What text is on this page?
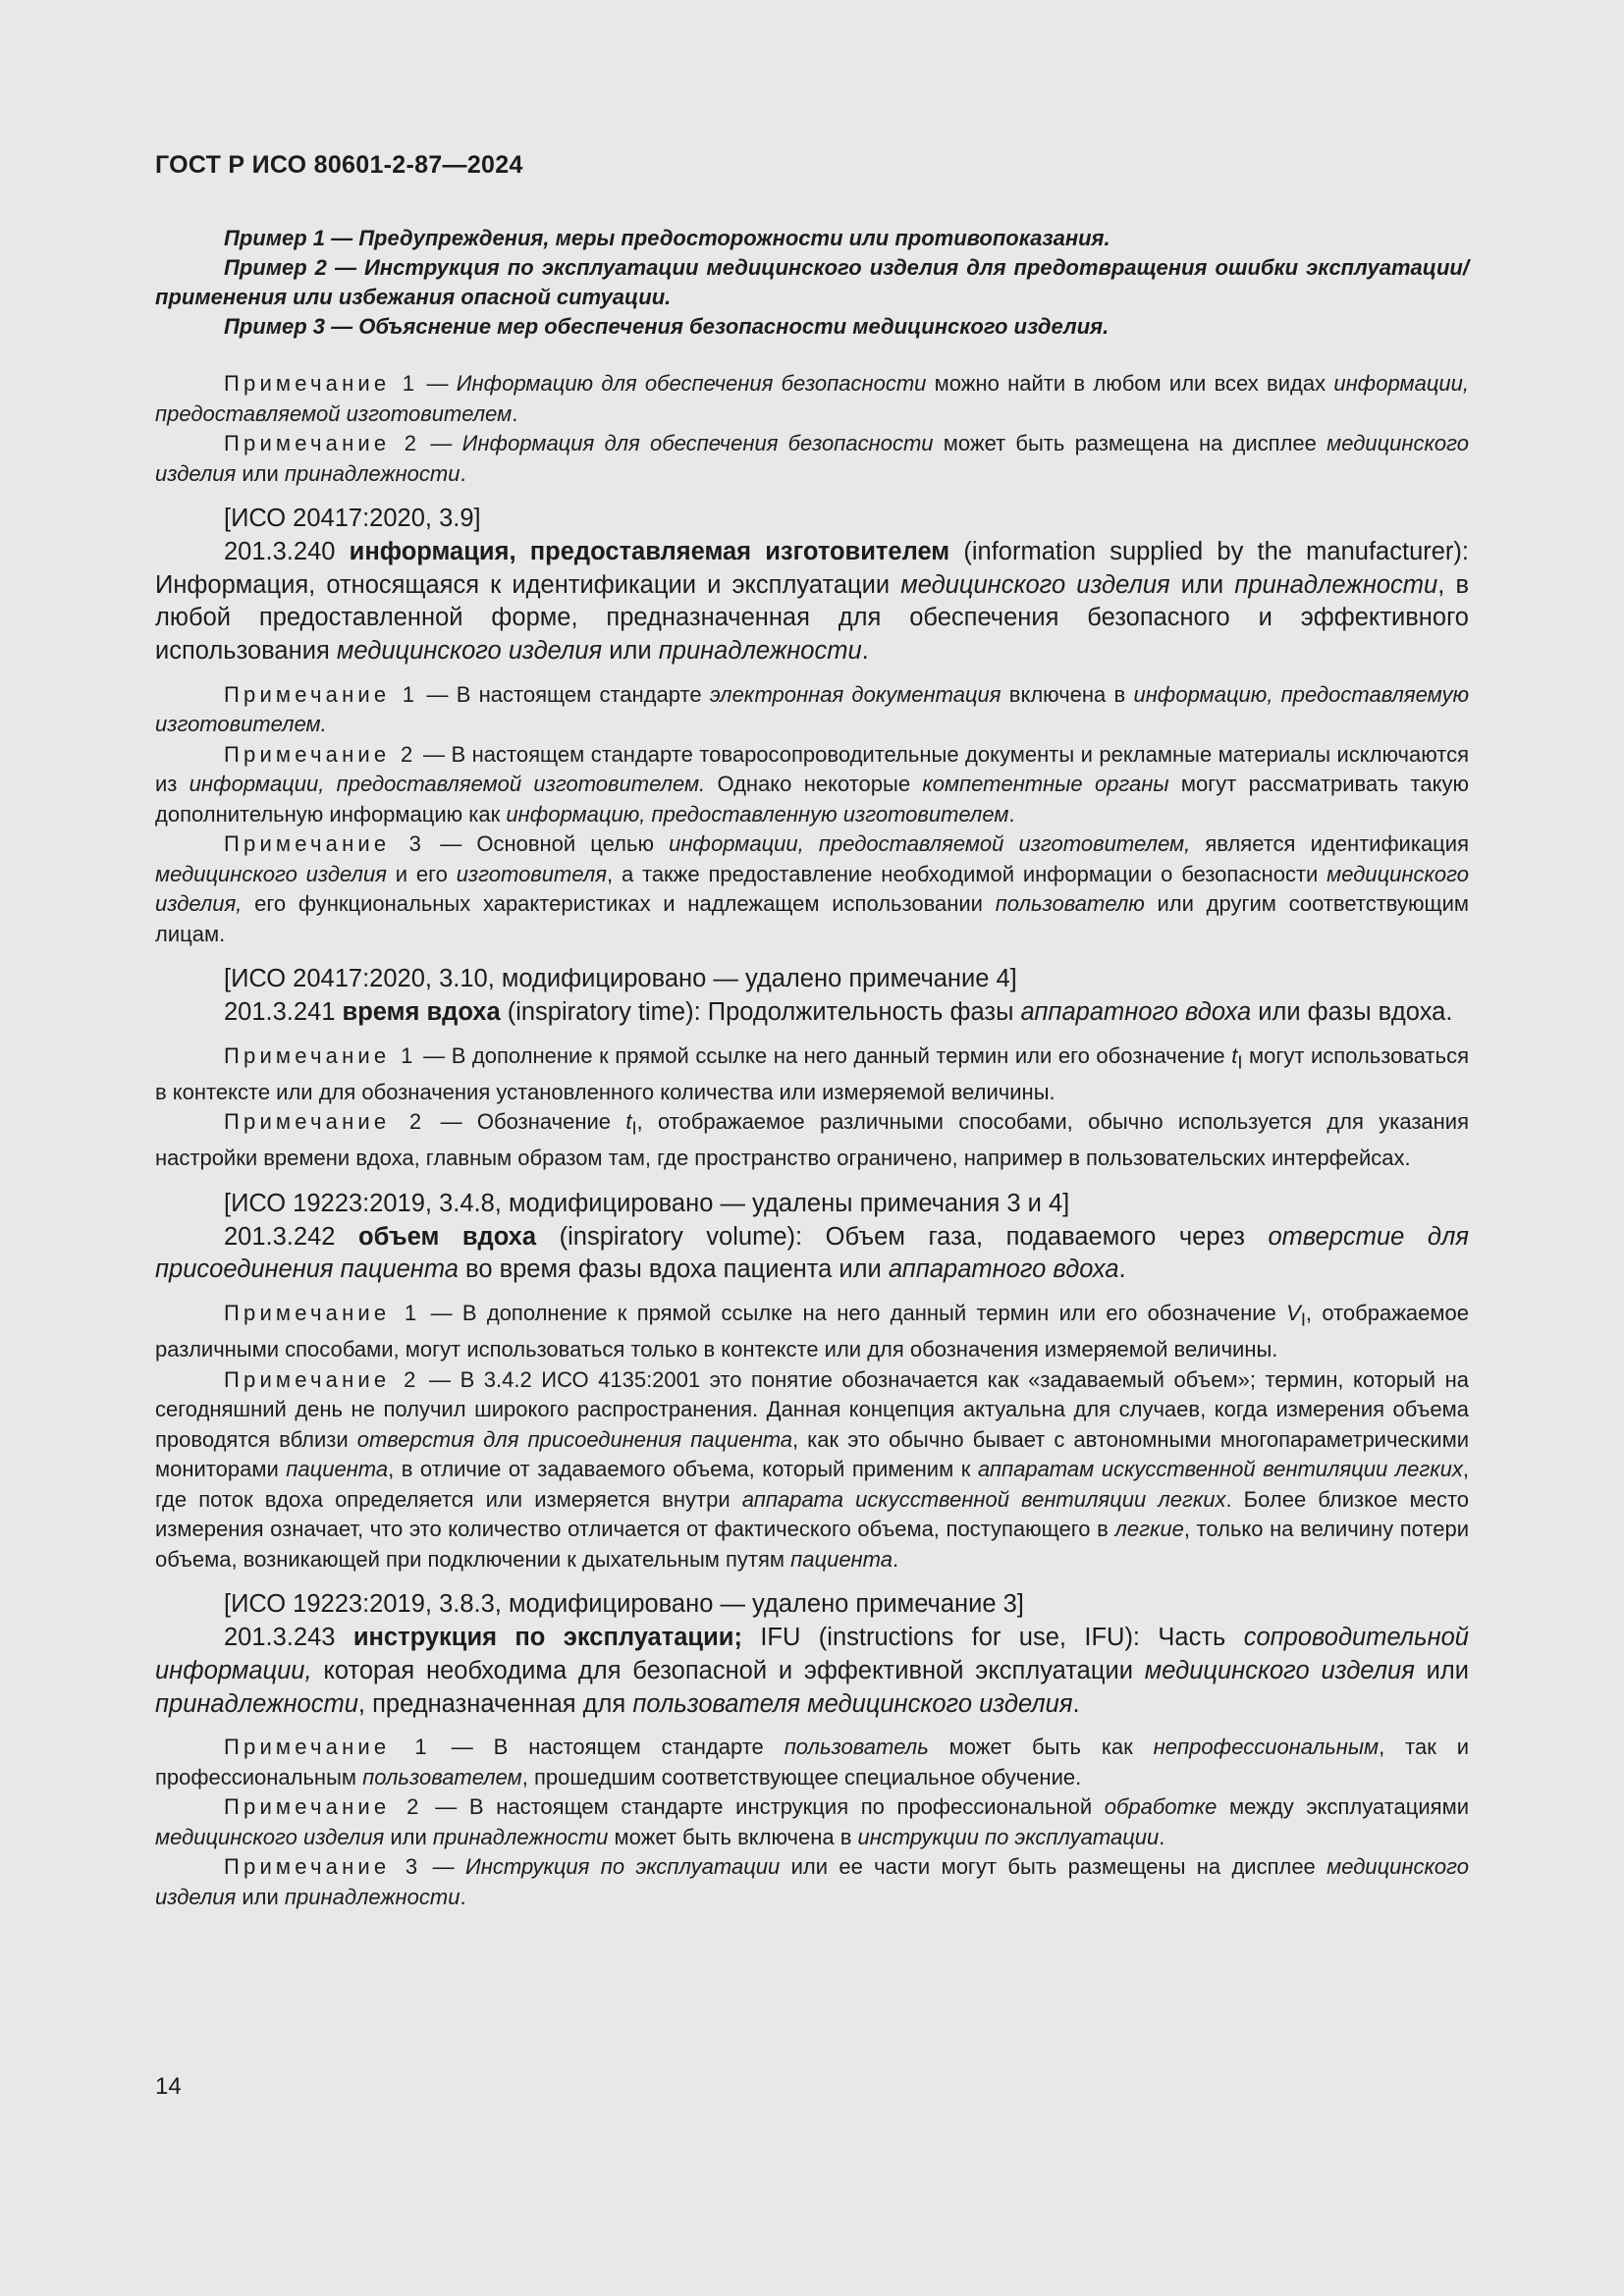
ГОСТ Р ИСО 80601-2-87—2024

Пример 1 — Предупреждения, меры предосторожности или противопоказания.

Пример 2 — Инструкция по эксплуатации медицинского изделия для предотвращения ошибки эксплуатации/применения или избежания опасной ситуации.

Пример 3 — Объяснение мер обеспечения безопасности медицинского изделия.

Примечание 1 — Информацию для обеспечения безопасности можно найти в любом или всех видах информации, предоставляемой изготовителем.

Примечание 2 — Информация для обеспечения безопасности может быть размещена на дисплее медицинского изделия или принадлежности.

[ИСО 20417:2020, 3.9]

201.3.240 информация, предоставляемая изготовителем (information supplied by the manufacturer): Информация, относящаяся к идентификации и эксплуатации медицинского изделия или принадлежности, в любой предоставленной форме, предназначенная для обеспечения безопасного и эффективного использования медицинского изделия или принадлежности.

Примечание 1 — В настоящем стандарте электронная документация включена в информацию, предоставляемую изготовителем.

Примечание 2 — В настоящем стандарте товаросопроводительные документы и рекламные материалы исключаются из информации, предоставляемой изготовителем. Однако некоторые компетентные органы могут рассматривать такую дополнительную информацию как информацию, предоставленную изготовителем.

Примечание 3 — Основной целью информации, предоставляемой изготовителем, является идентификация медицинского изделия и его изготовителя, а также предоставление необходимой информации о безопасности медицинского изделия, его функциональных характеристиках и надлежащем использовании пользователю или другим соответствующим лицам.

[ИСО 20417:2020, 3.10, модифицировано — удалено примечание 4]

201.3.241 время вдоха (inspiratory time): Продолжительность фазы аппаратного вдоха или фазы вдоха.

Примечание 1 — В дополнение к прямой ссылке на него данный термин или его обозначение $t_I$ могут использоваться в контексте или для обозначения установленного количества или измеряемой величины.

Примечание 2 — Обозначение $t_I$, отображаемое различными способами, обычно используется для указания настройки времени вдоха, главным образом там, где пространство ограничено, например в пользовательских интерфейсах.

[ИСО 19223:2019, 3.4.8, модифицировано — удалены примечания 3 и 4]

201.3.242 объем вдоха (inspiratory volume): Объем газа, подаваемого через отверстие для присоединения пациента во время фазы вдоха пациента или аппаратного вдоха.

Примечание 1 — В дополнение к прямой ссылке на него данный термин или его обозначение $V_I$, отображаемое различными способами, могут использоваться только в контексте или для обозначения измеряемой величины.

Примечание 2 — В 3.4.2 ИСО 4135:2001 это понятие обозначается как «задаваемый объем»; термин, который на сегодняшний день не получил широкого распространения. Данная концепция актуальна для случаев, когда измерения объема проводятся вблизи отверстия для присоединения пациента, как это обычно бывает с автономными многопараметрическими мониторами пациента, в отличие от задаваемого объема, который применим к аппаратам искусственной вентиляции легких, где поток вдоха определяется или измеряется внутри аппарата искусственной вентиляции легких. Более близкое место измерения означает, что это количество отличается от фактического объема, поступающего в легкие, только на величину потери объема, возникающей при подключении к дыхательным путям пациента.

[ИСО 19223:2019, 3.8.3, модифицировано — удалено примечание 3]

201.3.243 инструкция по эксплуатации; IFU (instructions for use, IFU): Часть сопроводительной информации, которая необходима для безопасной и эффективной эксплуатации медицинского изделия или принадлежности, предназначенная для пользователя медицинского изделия.

Примечание 1 — В настоящем стандарте пользователь может быть как непрофессиональным, так и профессиональным пользователем, прошедшим соответствующее специальное обучение.

Примечание 2 — В настоящем стандарте инструкция по профессиональной обработке между эксплуатациями медицинского изделия или принадлежности может быть включена в инструкции по эксплуатации.

Примечание 3 — Инструкция по эксплуатации или ее части могут быть размещены на дисплее медицинского изделия или принадлежности.

14
